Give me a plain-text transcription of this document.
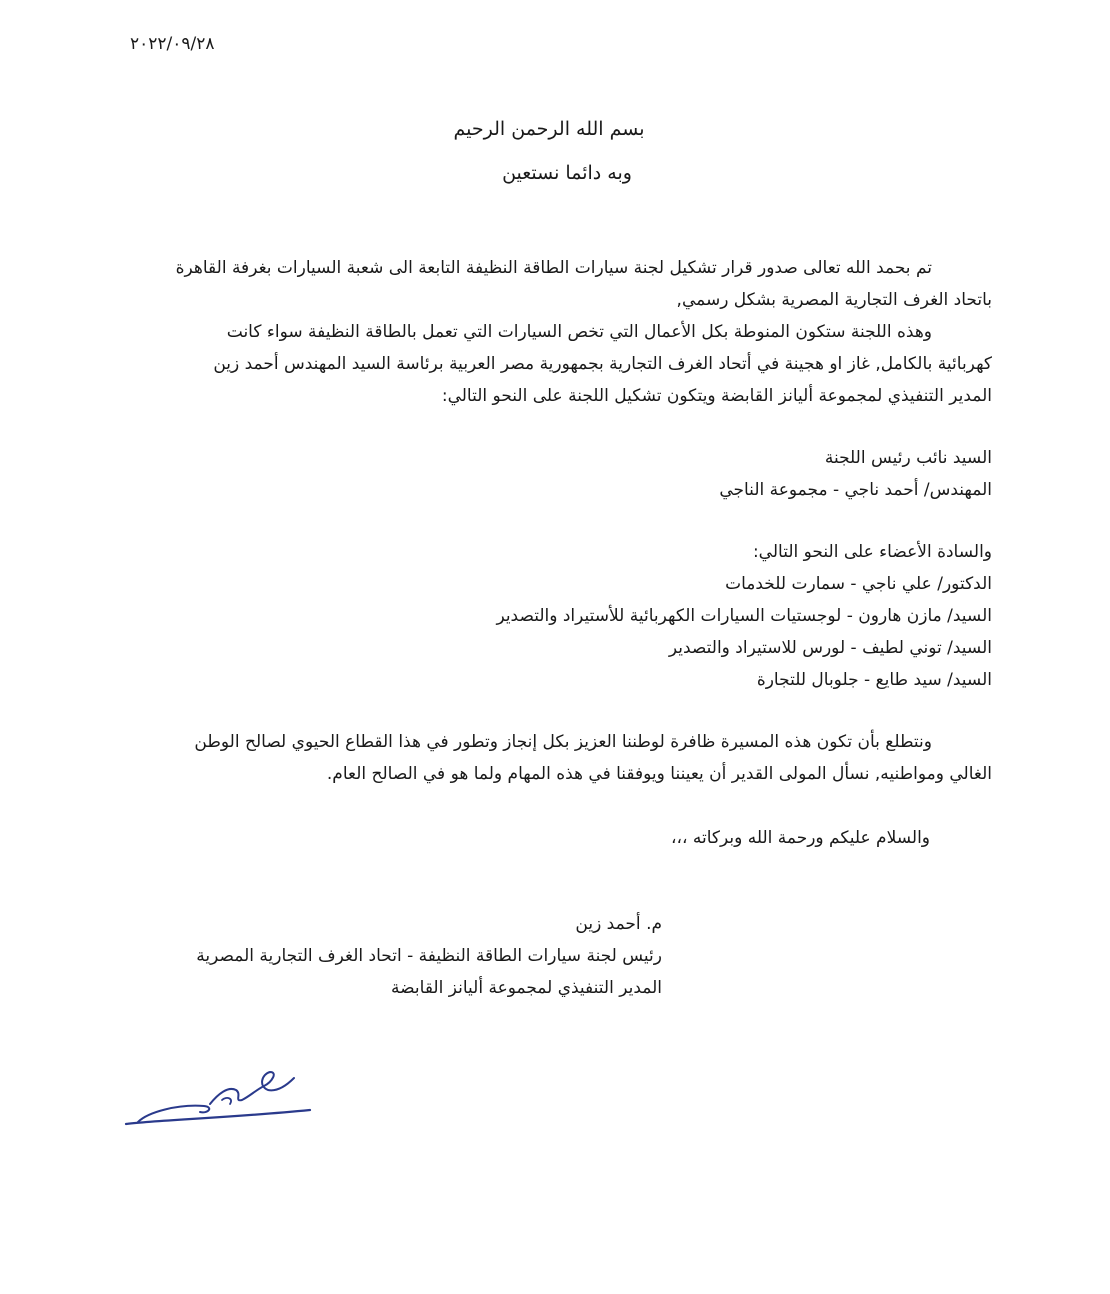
٢٠٢٢/٠٩/٢٨
بسم الله الرحمن الرحيم
وبه دائما نستعين
تم بحمد الله تعالى صدور قرار تشكيل لجنة سيارات الطاقة النظيفة التابعة الى شعبة السيارات بغرفة القاهرة
باتحاد الغرف التجارية المصرية بشكل رسمي,
وهذه اللجنة ستكون المنوطة بكل الأعمال التي تخص السيارات التي تعمل بالطاقة النظيفة سواء كانت
كهربائية بالكامل, غاز او هجينة في أتحاد الغرف التجارية بجمهورية مصر العربية برئاسة السيد المهندس أحمد زين
المدير التنفيذي لمجموعة أليانز القابضة ويتكون تشكيل اللجنة على النحو التالي:
السيد نائب رئيس اللجنة
المهندس/ أحمد ناجي - مجموعة الناجي
والسادة الأعضاء على النحو التالي:
الدكتور/ علي ناجي - سمارت للخدمات
السيد/ مازن هارون - لوجستيات السيارات الكهربائية للأستيراد والتصدير
السيد/ توني لطيف - لورس للاستيراد والتصدير
السيد/ سيد طايع - جلوبال للتجارة
ونتطلع بأن تكون هذه المسيرة ظافرة لوطننا العزيز بكل إنجاز وتطور في هذا القطاع الحيوي لصالح الوطن
الغالي ومواطنيه, نسأل المولى القدير أن يعيننا ويوفقنا في هذه المهام ولما هو في الصالح العام.
والسلام عليكم ورحمة الله وبركاته ،،،
م. أحمد زين
رئيس لجنة سيارات الطاقة النظيفة - اتحاد الغرف التجارية المصرية
المدير التنفيذي لمجموعة أليانز القابضة
